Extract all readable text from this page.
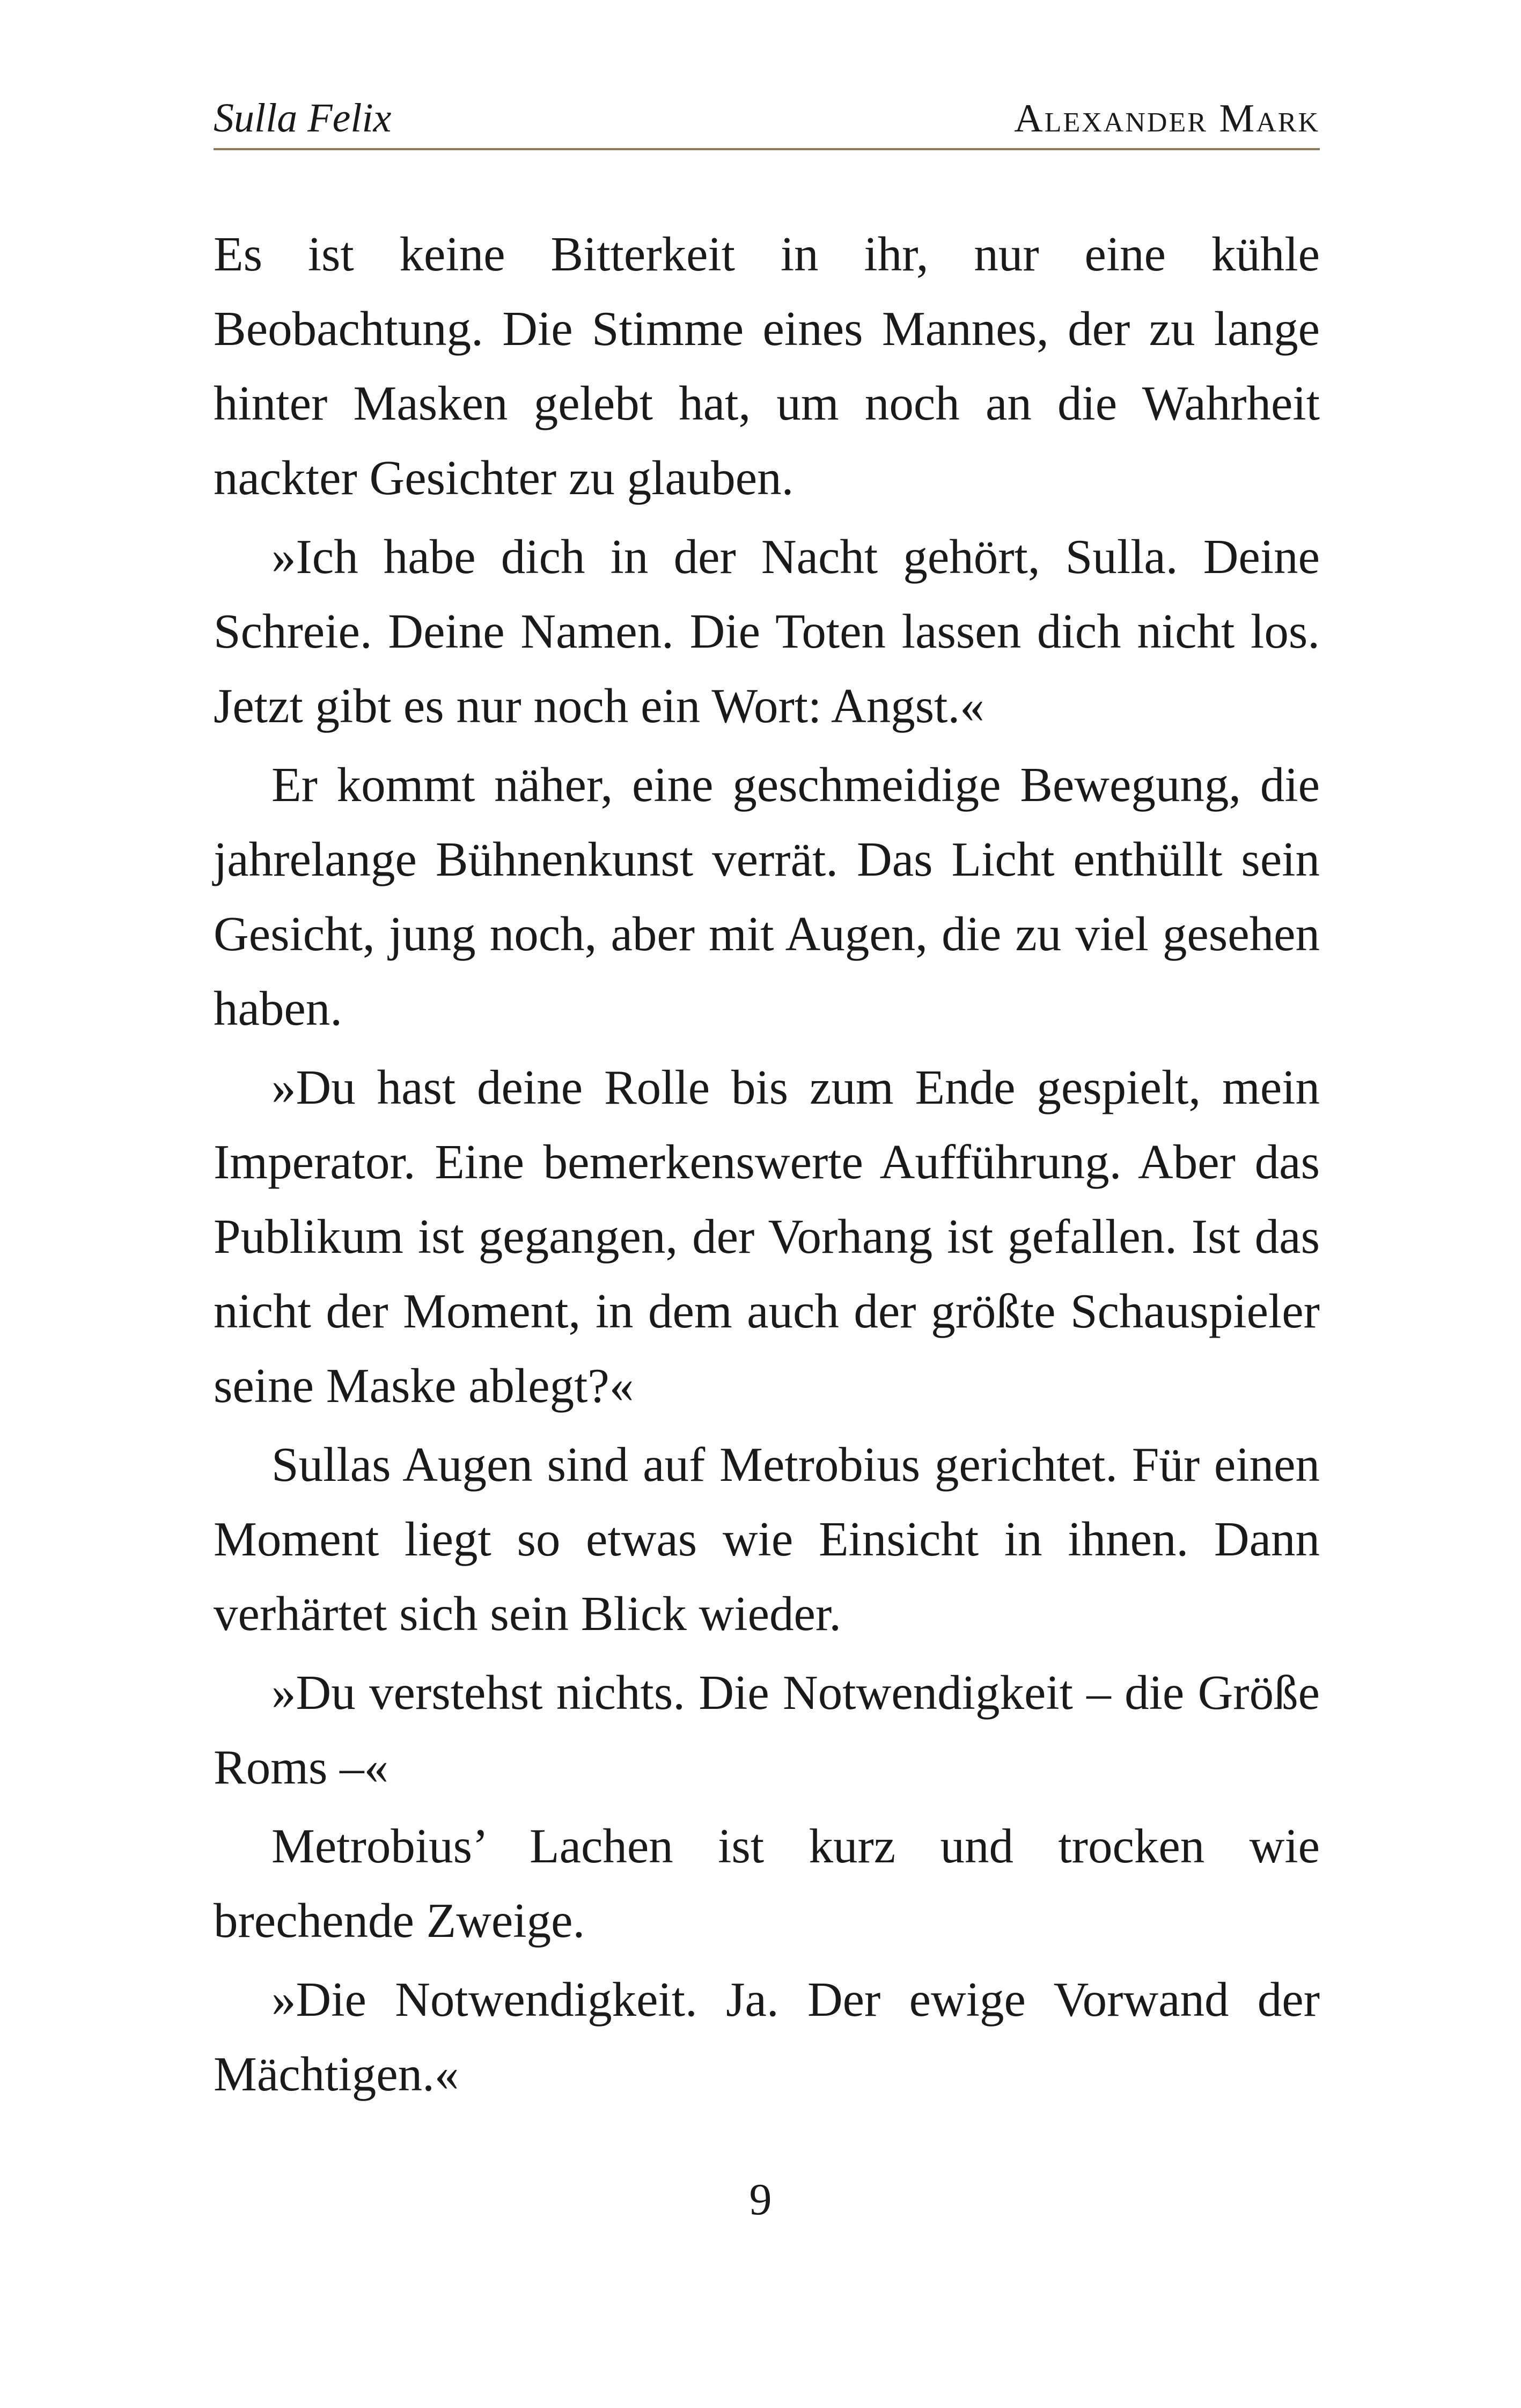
Sulla Felix	Alexander Mark

Es ist keine Bitterkeit in ihr, nur eine kühle Beobachtung. Die Stimme eines Mannes, der zu lange hinter Masken gelebt hat, um noch an die Wahrheit nackter Gesichter zu glauben.

»Ich habe dich in der Nacht gehört, Sulla. Deine Schreie. Deine Namen. Die Toten lassen dich nicht los. Jetzt gibt es nur noch ein Wort: Angst.«

Er kommt näher, eine geschmeidige Bewegung, die jahrelange Bühnenkunst verrät. Das Licht enthüllt sein Gesicht, jung noch, aber mit Augen, die zu viel gesehen haben.

»Du hast deine Rolle bis zum Ende gespielt, mein Imperator. Eine bemerkenswerte Aufführung. Aber das Publikum ist gegangen, der Vorhang ist gefallen. Ist das nicht der Moment, in dem auch der größte Schauspieler seine Maske ablegt?«

Sullas Augen sind auf Metrobius gerichtet. Für einen Moment liegt so etwas wie Einsicht in ihnen. Dann verhärtet sich sein Blick wieder.

»Du verstehst nichts. Die Notwendigkeit – die Größe Roms –«

Metrobius’ Lachen ist kurz und trocken wie brechende Zweige.

»Die Notwendigkeit. Ja. Der ewige Vorwand der Mächtigen.«

9
